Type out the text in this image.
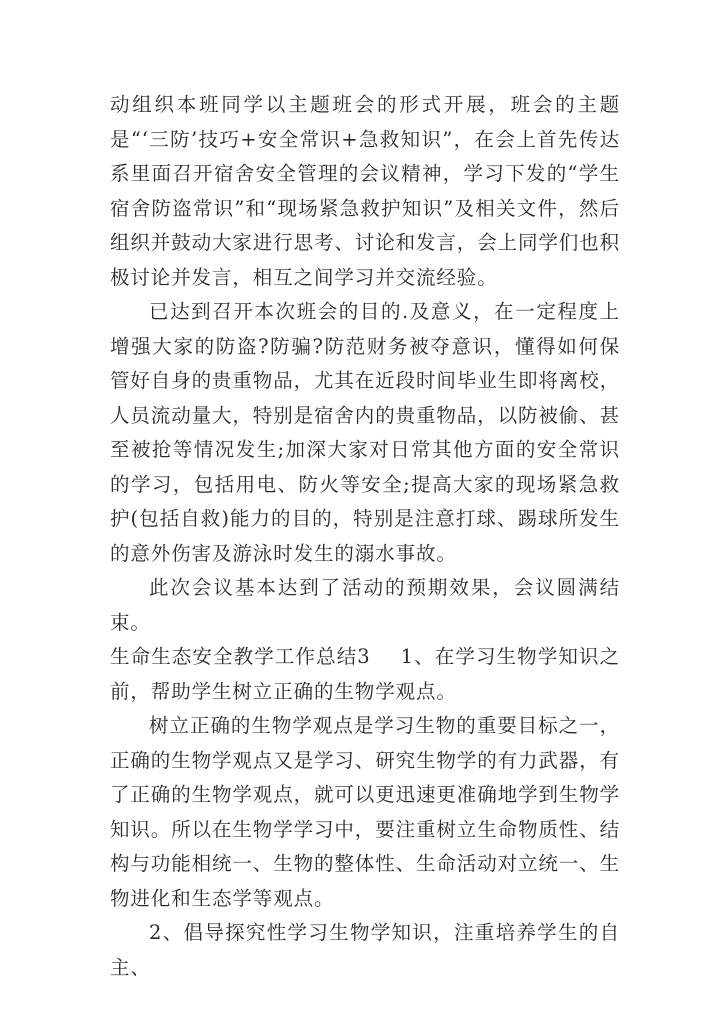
动组织本班同学以主题班会的形式开展，班会的主题是“‘三防’技巧+安全常识+急救知识”，在会上首先传达系里面召开宿舍安全管理的会议精神，学习下发的“学生宿舍防盗常识”和“现场紧急救护知识”及相关文件，然后组织并鼓动大家进行思考、讨论和发言，会上同学们也积极讨论并发言，相互之间学习并交流经验。

已达到召开本次班会的目的.及意义，在一定程度上增强大家的防盗?防骗?防范财务被夺意识，懂得如何保管好自身的贵重物品，尤其在近段时间毕业生即将离校，人员流动量大，特别是宿舍内的贵重物品，以防被偷、甚至被抢等情况发生;加深大家对日常其他方面的安全常识的学习，包括用电、防火等安全;提高大家的现场紧急救护(包括自救)能力的目的，特别是注意打球、踢球所发生的意外伤害及游泳时发生的溺水事故。

此次会议基本达到了活动的预期效果，会议圆满结束。

生命生态安全教学工作总结3 1、在学习生物学知识之前，帮助学生树立正确的生物学观点。

树立正确的生物学观点是学习生物的重要目标之一，正确的生物学观点又是学习、研究生物学的有力武器，有了正确的生物学观点，就可以更迅速更准确地学到生物学知识。所以在生物学学习中，要注重树立生命物质性、结构与功能相统一、生物的整体性、生命活动对立统一、生物进化和生态学等观点。

2、倡导探究性学习生物学知识，注重培养学生的自主、
